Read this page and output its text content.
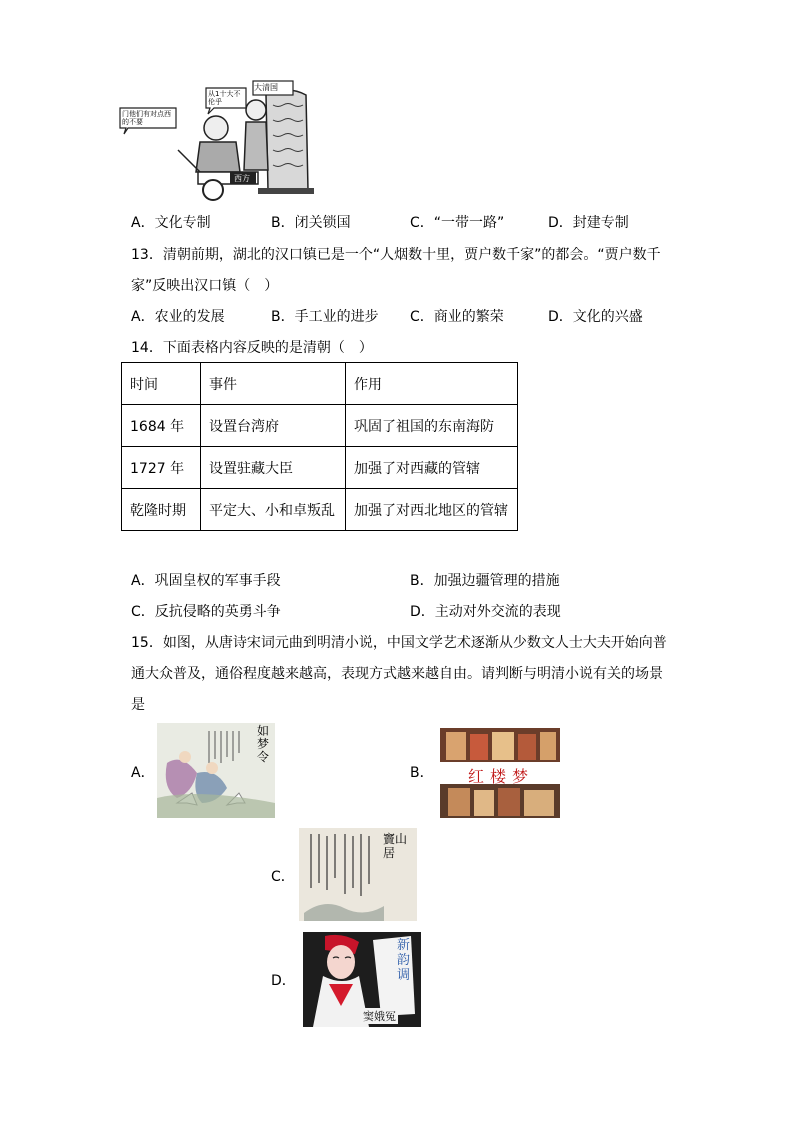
大清国
从1十大不伦乎
门他们有对点西的不要
西方
A．文化专制	B．闭关锁国	C．“一带一路”	D．封建专制
13．清朝前期，湖北的汉口镇已是一个“人烟数十里，贾户数千家”的都会。“贾户数千
家”反映出汉口镇（　）
A．农业的发展	B．手工业的进步 C．商业的繁荣	D．文化的兴盛
14．下面表格内容反映的是清朝（　）
时间	事件	作用
1684 年	设置台湾府	巩固了祖国的东南海防
1727 年	设置驻藏大臣	加强了对西藏的管辖
乾隆时期	平定大、小和卓叛乱	加强了对西北地区的管辖
A．巩固皇权的军事手段	B．加强边疆管理的措施
C．反抗侵略的英勇斗争	D．主动对外交流的表现
15．如图，从唐诗宋词元曲到明清小说，中国文学艺术逐渐从少数文人士大夫开始向普
通大众普及，通俗程度越来越高，表现方式越来越自由。请判断与明清小说有关的场景
是
A．
如梦令
B． 红楼梦
C．
竇山居
D．
新韵调
窦娥冤
